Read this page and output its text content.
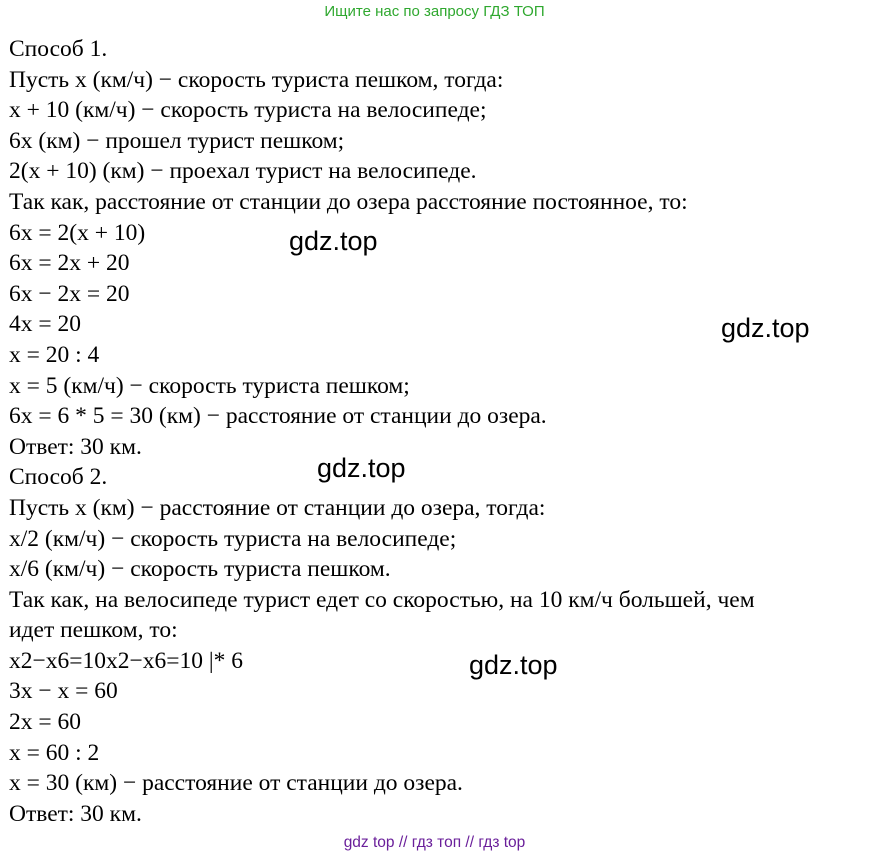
Ищите нас по запросу ГДЗ ТОП
Способ 1.
Пусть x (км/ч) − скорость туриста пешком, тогда:
x + 10 (км/ч) − скорость туриста на велосипеде;
6x (км) − прошел турист пешком;
2(x + 10) (км) − проехал турист на велосипеде.
Так как, расстояние от станции до озера расстояние постоянное, то:
6x = 2(x + 10)
6x = 2x + 20
6x − 2x = 20
4x = 20
x = 20 : 4
x = 5 (км/ч) − скорость туриста пешком;
6x = 6 * 5 = 30 (км) − расстояние от станции до озера.
Ответ: 30 км.
Способ 2.
Пусть x (км) − расстояние от станции до озера, тогда:
x/2 (км/ч) − скорость туриста на велосипеде;
x/6 (км/ч) − скорость туриста пешком.
Так как, на велосипеде турист едет со скоростью, на 10 км/ч большей, чем
идет пешком, то:
x2−x6=10x2−x6=10 |* 6
3x − x = 60
2x = 60
x = 60 : 2
x = 30 (км) − расстояние от станции до озера.
Ответ: 30 км.
gdz.top
gdz.top
gdz.top
gdz.top
gdz top // гдз топ // гдз top
